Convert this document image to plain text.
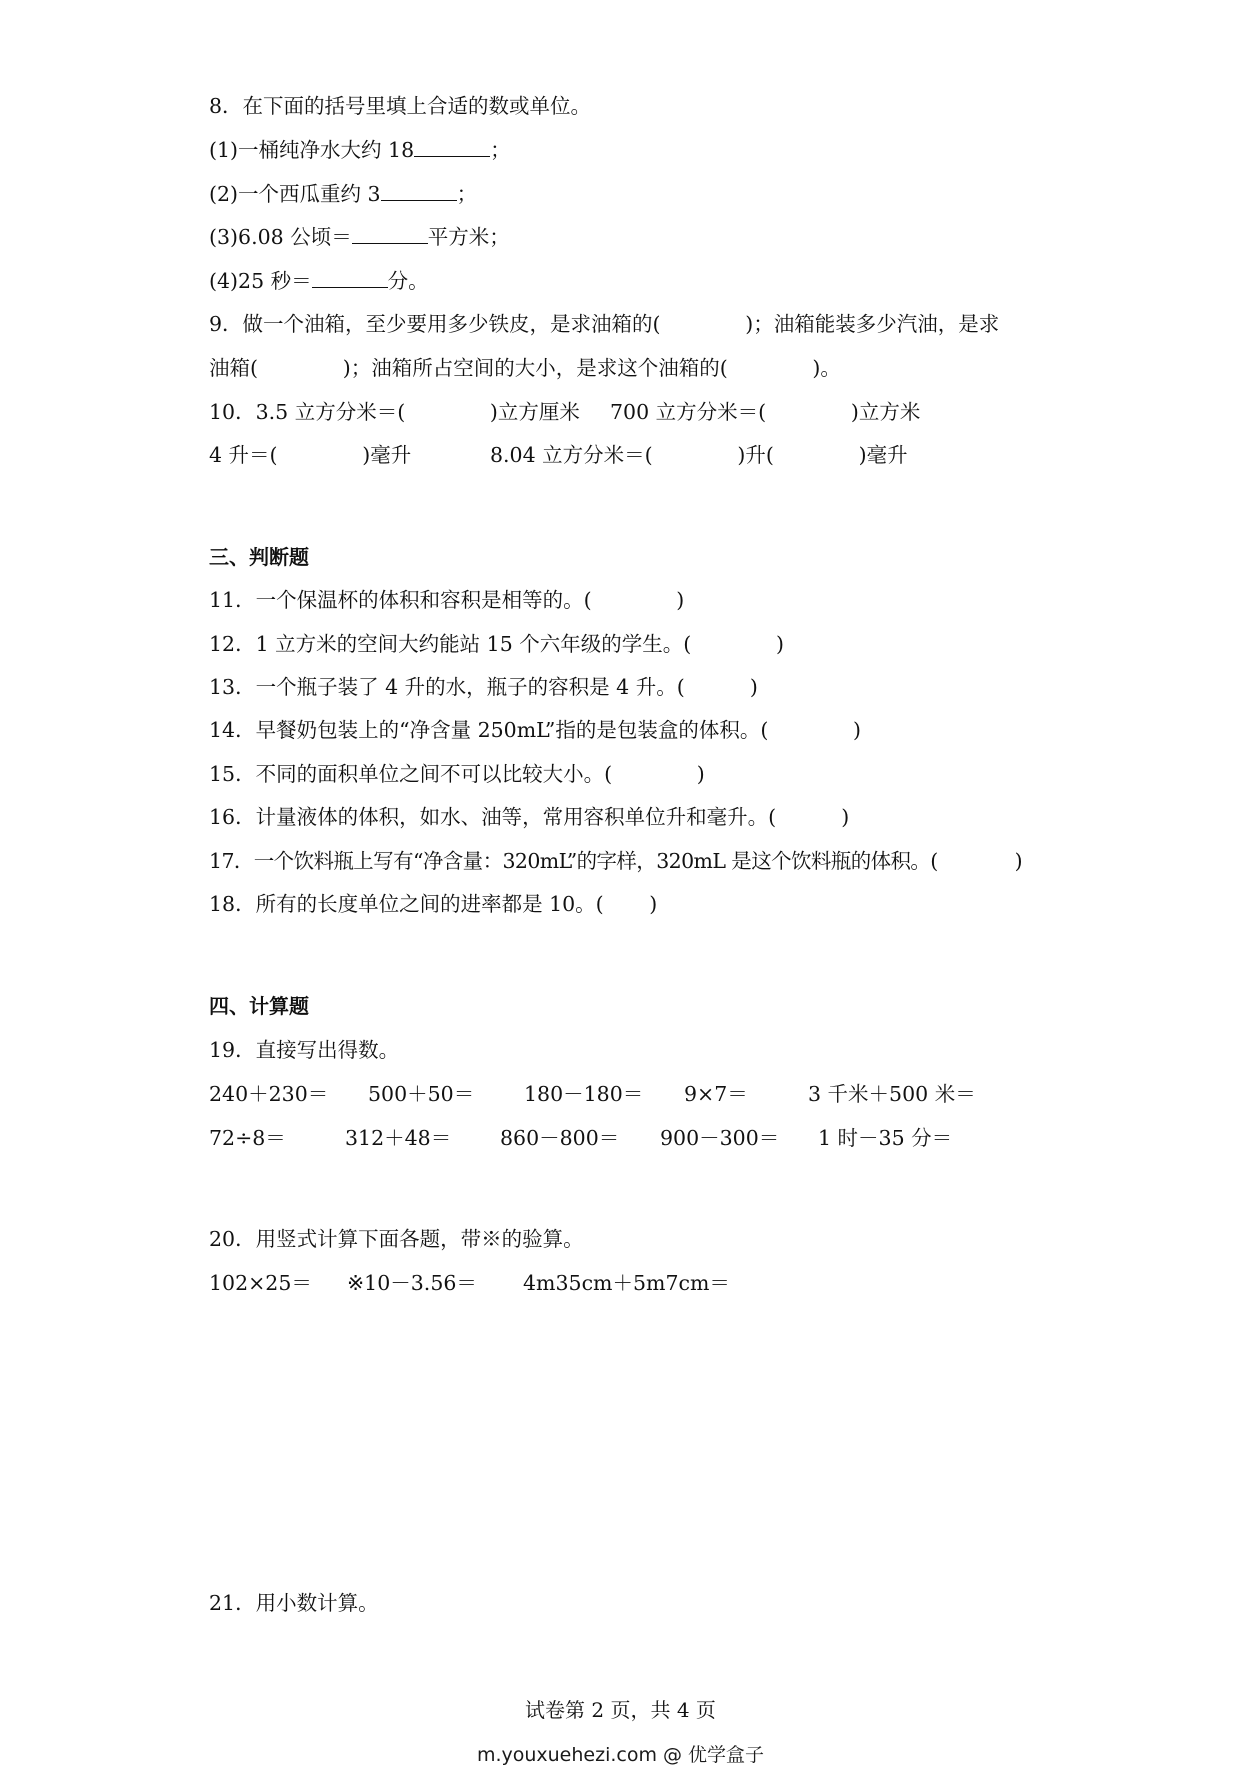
8．在下面的括号里填上合适的数或单位。

(1)一桶纯净水大约 18	；

(2)一个西瓜重约 3	；

(3)6.08 公顷＝	平方米；

(4)25 秒＝	分。

9．做一个油箱，至少要用多少铁皮，是求油箱的(             )；油箱能装多少汽油，是求

油箱(             )；油箱所占空间的大小，是求这个油箱的(             )。

10．3.5 立方分米＝(             )立方厘米 700 立方分米＝(             )立方米

4 升＝(             )毫升	8.04 立方分米＝(             )升(             )毫升

三、判断题

11．一个保温杯的体积和容积是相等的。(             )

12．1 立方米的空间大约能站 15 个六年级的学生。(             )

13．一个瓶子装了 4 升的水，瓶子的容积是 4 升。(          )

14．早餐奶包装上的“净含量 250mL”指的是包装盒的体积。(             )

15．不同的面积单位之间不可以比较大小。(             )

16．计量液体的体积，如水、油等，常用容积单位升和毫升。(          )

17．一个饮料瓶上写有“净含量：320mL”的字样，320mL 是这个饮料瓶的体积。(             )

18．所有的长度单位之间的进率都是 10。(       )

四、计算题

19．直接写出得数。

240＋230＝ 500＋50＝ 180－180＝ 9×7＝	3 千米＋500 米＝

72÷8＝	312＋48＝ 860－800＝ 900－300＝ 1 时－35 分＝

20．用竖式计算下面各题，带※的验算。

102×25＝ ※10－3.56＝ 4m35cm＋5m7cm＝

21．用小数计算。

试卷第 2 页，共 4 页

m.youxuehezi.com @ 优学盒子
